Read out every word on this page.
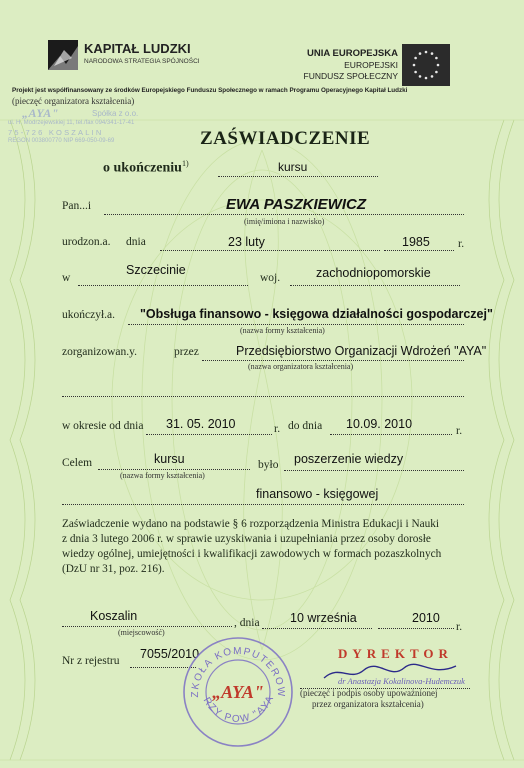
KAPITAŁ LUDZKI
NARODOWA STRATEGIA SPÓJNOŚCI
UNIA EUROPEJSKA
EUROPEJSKI
FUNDUSZ SPOŁECZNY
Projekt jest współfinansowany ze środków Europejskiego Funduszu Społecznego w ramach Programu Operacyjnego Kapitał Ludzki
(pieczęć organizatora kształcenia)
„AYA"	Spółka z o.o.
ul. H. Modrzejewskiej 11, tel./fax 094/341-17-41
75-726 KOSZALIN
REGON 003800770 NIP 669-050-09-69	ZAŚWIADCZENIE
o ukończeniu$^{1)}$	kursu
Pan...i	EWA PASZKIEWICZ
(imię/imiona i nazwisko)
urodzon.a. dnia	23 luty	1985 r.
w
Szczecinie
woj.	zachodniopomorskie
ukończył.a. "Obsługa finansowo - księgowa działalności gospodarczej"
(nazwa formy kształcenia)
zorganizowan.y.	przez	Przedsiębiorstwo Organizacji Wdrożeń "AYA"
(nazwa organizatora kształcenia)
w okresie od dnia 31. 05. 2010	r. do dnia 10.09. 2010	r.
Celem	kursu
(nazwa formy kształcenia)
było poszerzenie wiedzy
finansowo - księgowej
Zaświadczenie wydano na podstawie § 6 rozporządzenia Ministra Edukacji i Nauki
z dnia 3 lutego 2006 r. w sprawie uzyskiwania i uzupełniania przez osoby dorosłe
wiedzy ogólnej, umiejętności i kwalifikacji zawodowych w formach pozaszkolnych
(DzU nr 31, poz. 216).
Koszalin
(miejscowość)
, dnia 10 września	2010
r.
Nr z rejestru 7055/2010
ZKOŁA KOMPUTEROW
RZY POW "AYA
„AYA"
DYREKTOR
dr Anastazja Kokalinova-Hudemczuk
(pieczęć i podpis osoby upoważnionej
przez organizatora kształcenia)
